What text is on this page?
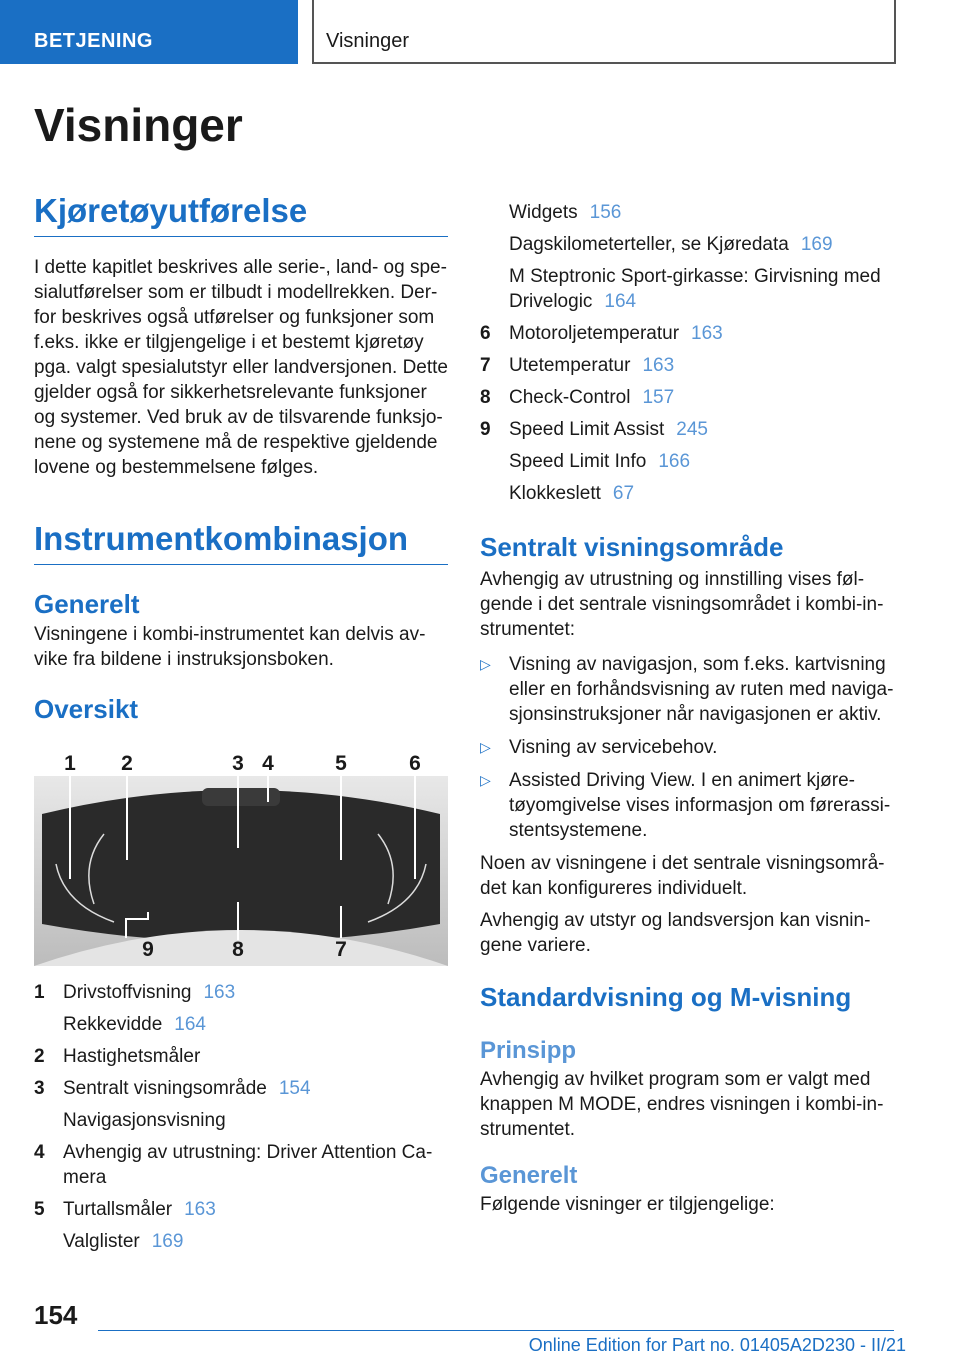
BETJENING	Visninger
Visninger
Kjøretøyutførelse

I dette kapitlet beskrives alle serie-, land- og spe-sialutførelser som er tilbudt i modellrekken. Der-for beskrives også utførelser og funksjoner som f.eks. ikke er tilgjengelige i et bestemt kjøretøy pga. valgt spesialutstyr eller landversjonen. Dette gjelder også for sikkerhetsrelevante funksjoner og systemer. Ved bruk av de tilsvarende funksjo-nene og systemene må de respektive gjeldende lovene og bestemmelsene følges.

Instrumentkombinasjon
Generelt

Visningene i kombi-instrumentet kan delvis av-vike fra bildene i instruksjonsboken.

Oversikt
1 2	3 4	5	6
9	8	7
1 Drivstoffvisning 163
Rekkevidde 164
2 Hastighetsmåler
3 Sentralt visningsområde 154
Navigasjonsvisning
4 Avhengig av utrustning: Driver Attention Ca-mera
5 Turtallsmåler 163
Valglister 169
Widgets 156
Dagskilometerteller, se Kjøredata 169
M Steptronic Sport-girkasse: Girvisning med Drivelogic 164
6 Motoroljetemperatur 163
7 Utetemperatur 163
8 Check-Control 157
9 Speed Limit Assist 245
Speed Limit Info 166
Klokkeslett 67
Sentralt visningsområde

Avhengig av utrustning og innstilling vises føl-gende i det sentrale visningsområdet i kombi-in-strumentet:

▷ Visning av navigasjon, som f.eks. kartvisning eller en forhåndsvisning av ruten med naviga-sjonsinstruksjoner når navigasjonen er aktiv.
▷ Visning av servicebehov.
▷ Assisted Driving View. I en animert kjøre-tøyomgivelse vises informasjon om førerassi-stentsystemene.

Noen av visningene i det sentrale visningsområ-det kan konfigureres individuelt.

Avhengig av utstyr og landsversjon kan visnin-gene variere.

Standardvisning og M-visning
Prinsipp

Avhengig av hvilket program som er valgt med knappen M MODE, endres visningen i kombi-in-strumentet.

Generelt

Følgende visninger er tilgjengelige:

154
Online Edition for Part no. 01405A2D230 - II/21
